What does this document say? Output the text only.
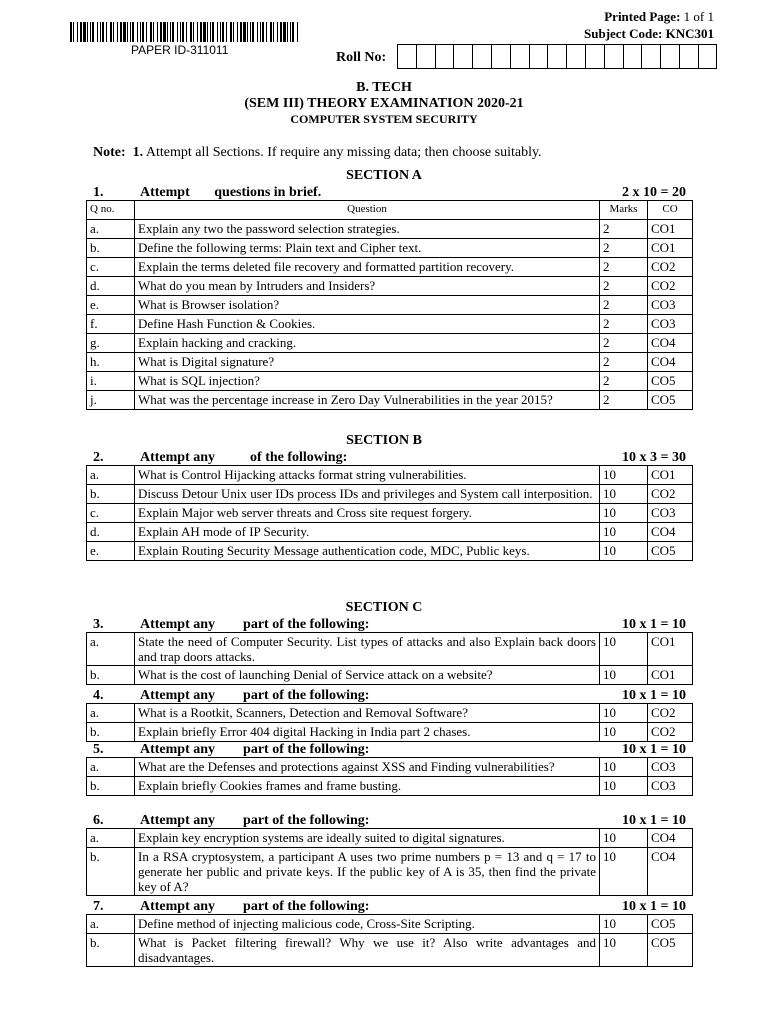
PAPER ID-311011
Printed Page: 1 of 1
Subject Code: KNC301
Roll No:
B. TECH
(SEM III) THEORY EXAMINATION 2020-21
COMPUTER SYSTEM SECURITY
Note: 1. Attempt all Sections. If require any missing data; then choose suitably.
SECTION A
1.	Attempt       questions in brief.	2 x 10 = 20
Q no.	Question	Marks	CO
a.	Explain any two the password selection strategies.	2	CO1
b.	Define the following terms: Plain text and Cipher text.	2	CO1
c.	Explain the terms deleted file recovery and formatted partition recovery.	2	CO2
d.	What do you mean by Intruders and Insiders?	2	CO2
e.	What is Browser isolation?	2	CO3
f.	Define Hash Function & Cookies.	2	CO3
g.	Explain hacking and cracking.	2	CO4
h.	What is Digital signature?	2	CO4
i.	What is SQL injection?	2	CO5
j.	What was the percentage increase in Zero Day Vulnerabilities in the year 2015?	2	CO5
SECTION B
2.	Attempt any          of the following:	10 x 3 = 30
a.	What is Control Hijacking attacks format string vulnerabilities.	10	CO1
b.	Discuss Detour Unix user IDs process IDs and privileges and System call interposition.	10	CO2
c.	Explain Major web server threats and Cross site request forgery.	10	CO3
d.	Explain AH mode of IP Security.	10	CO4
e.	Explain Routing Security Message authentication code, MDC, Public keys.	10	CO5
SECTION C
3.	Attempt any        part of the following:	10 x 1 = 10
a.	State the need of Computer Security. List types of attacks and also Explain back doors and trap doors attacks.	10	CO1
b.	What is the cost of launching Denial of Service attack on a website?	10	CO1
4.	Attempt any        part of the following:	10 x 1 = 10
a.	What is a Rootkit, Scanners, Detection and Removal Software?	10	CO2
b.	Explain briefly Error 404 digital Hacking in India part 2 chases.	10	CO2
5.	Attempt any        part of the following:	10 x 1 = 10
a.	What are the Defenses and protections against XSS and Finding vulnerabilities?	10	CO3
b.	Explain briefly Cookies frames and frame busting.	10	CO3
6.	Attempt any        part of the following:	10 x 1 = 10
a.	Explain key encryption systems are ideally suited to digital signatures.	10	CO4
b.	In a RSA cryptosystem, a participant A uses two prime numbers p = 13 and q = 17 to generate her public and private keys. If the public key of A is 35, then find the private key of A?	10	CO4
7.	Attempt any        part of the following:	10 x 1 = 10
a.	Define method of injecting malicious code, Cross-Site Scripting.	10	CO5
b.	What is Packet filtering firewall? Why we use it? Also write advantages and disadvantages.	10	CO5
